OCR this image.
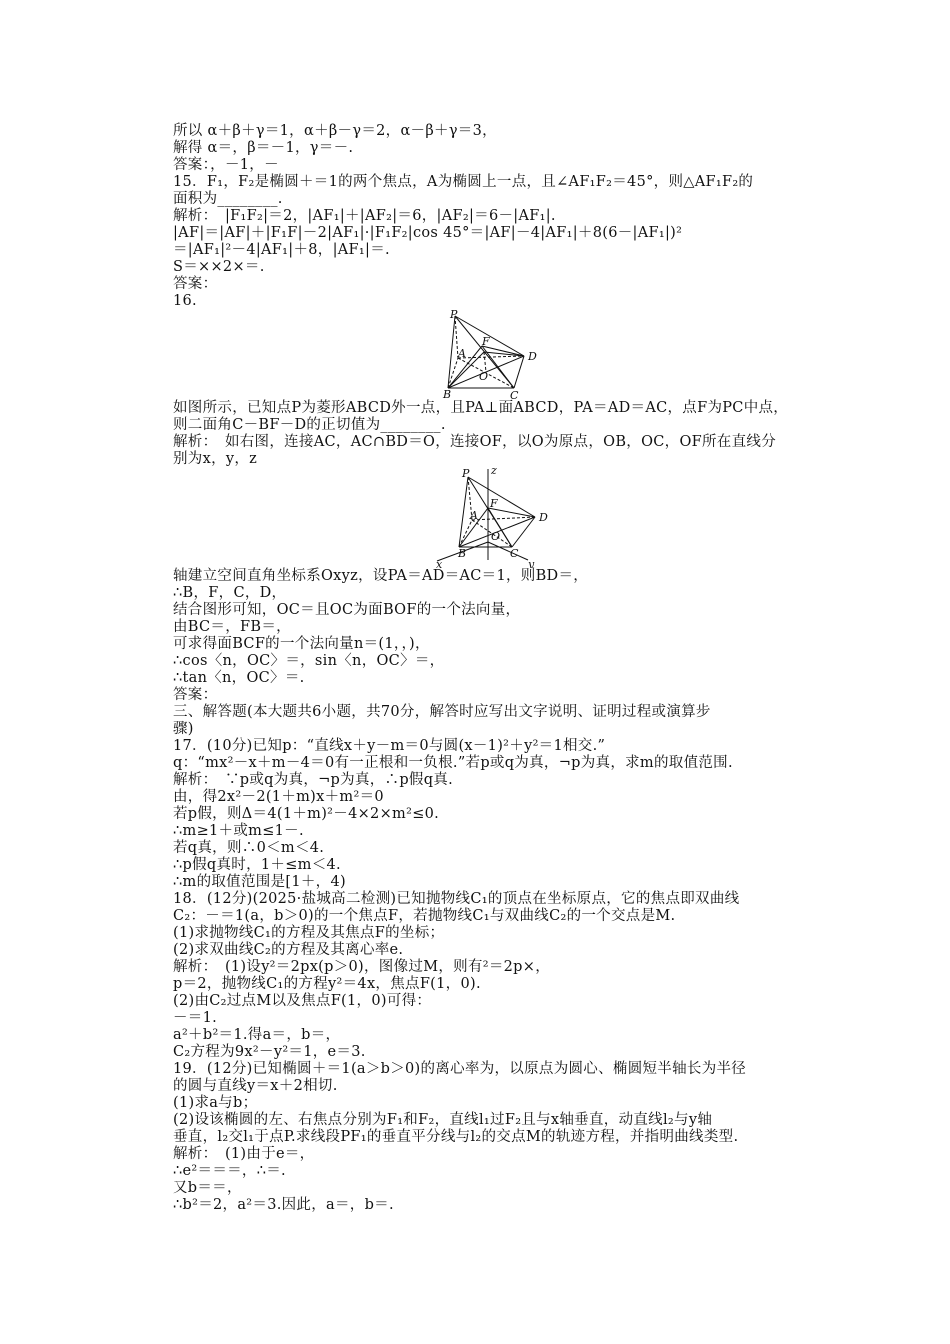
所以 α＋β＋γ＝1，α＋β－γ＝2，α－β＋γ＝3，
解得 α＝，β＝－1，γ＝－.
答案：，－1，－
15．F₁，F₂是椭圆＋＝1的两个焦点，A为椭圆上一点，且∠AF₁F₂＝45°，则△AF₁F₂的
面积为________.
解析：　|F₁F₂|＝2，|AF₁|＋|AF₂|＝6，|AF₂|＝6－|AF₁|.
|AF|＝|AF|＋|F₁F|－2|AF₁|·|F₁F₂|cos 45°＝|AF|－4|AF₁|＋8(6－|AF₁|)²
＝|AF₁|²－4|AF₁|＋8，|AF₁|＝.
S＝××2×＝.
答案：
16.
P
A
F
D
O
B	C
如图所示，已知点P为菱形ABCD外一点，且PA⊥面ABCD，PA＝AD＝AC，点F为PC中点，
则二面角C－BF－D的正切值为________.
解析：　如右图，连接AC，AC∩BD＝O，连接OF，以O为原点，OB，OC，OF所在直线分
别为x，y，z
P z
A
F
D
O
B	C
x	y
轴建立空间直角坐标系Oxyz，设PA＝AD＝AC＝1，则BD＝，
∴B，F，C，D，
结合图形可知，OC＝且OC为面BOF的一个法向量，
由BC＝，FB＝，
可求得面BCF的一个法向量n＝(1，，)，
∴cos〈n，OC〉＝，sin〈n，OC〉＝，
∴tan〈n，OC〉＝.
答案：
三、解答题(本大题共6小题，共70分，解答时应写出文字说明、证明过程或演算步
骤)
17．(10分)已知p：“直线x＋y－m＝0与圆(x－1)²＋y²＝1相交.”
q：“mx²－x＋m－4＝0有一正根和一负根.”若p或q为真，¬p为真，求m的取值范围.
解析：　∵p或q为真，¬p为真，∴p假q真.
由，得2x²－2(1＋m)x＋m²＝0
若p假，则Δ＝4(1＋m)²－4×2×m²≤0.
∴m≥1＋或m≤1－.
若q真，则∴0＜m＜4.
∴p假q真时，1＋≤m＜4.
∴m的取值范围是[1＋，4)
18．(12分)(2025·盐城高二检测)已知抛物线C₁的顶点在坐标原点，它的焦点即双曲线
C₂：－＝1(a，b＞0)的一个焦点F，若抛物线C₁与双曲线C₂的一个交点是M.
(1)求抛物线C₁的方程及其焦点F的坐标；
(2)求双曲线C₂的方程及其离心率e.
解析：　(1)设y²＝2px(p＞0)，图像过M，则有²＝2p×，
p＝2，抛物线C₁的方程y²＝4x，焦点F(1，0).
(2)由C₂过点M以及焦点F(1，0)可得：
－＝1.
a²＋b²＝1.得a＝，b＝，
C₂方程为9x²－y²＝1，e＝3.
19．(12分)已知椭圆＋＝1(a＞b＞0)的离心率为，以原点为圆心、椭圆短半轴长为半径
的圆与直线y＝x＋2相切.
(1)求a与b；
(2)设该椭圆的左、右焦点分别为F₁和F₂，直线l₁过F₂且与x轴垂直，动直线l₂与y轴
垂直，l₂交l₁于点P.求线段PF₁的垂直平分线与l₂的交点M的轨迹方程，并指明曲线类型.
解析：　(1)由于e＝，
∴e²＝＝＝，∴＝.
又b＝＝，
∴b²＝2，a²＝3.因此，a＝，b＝.
